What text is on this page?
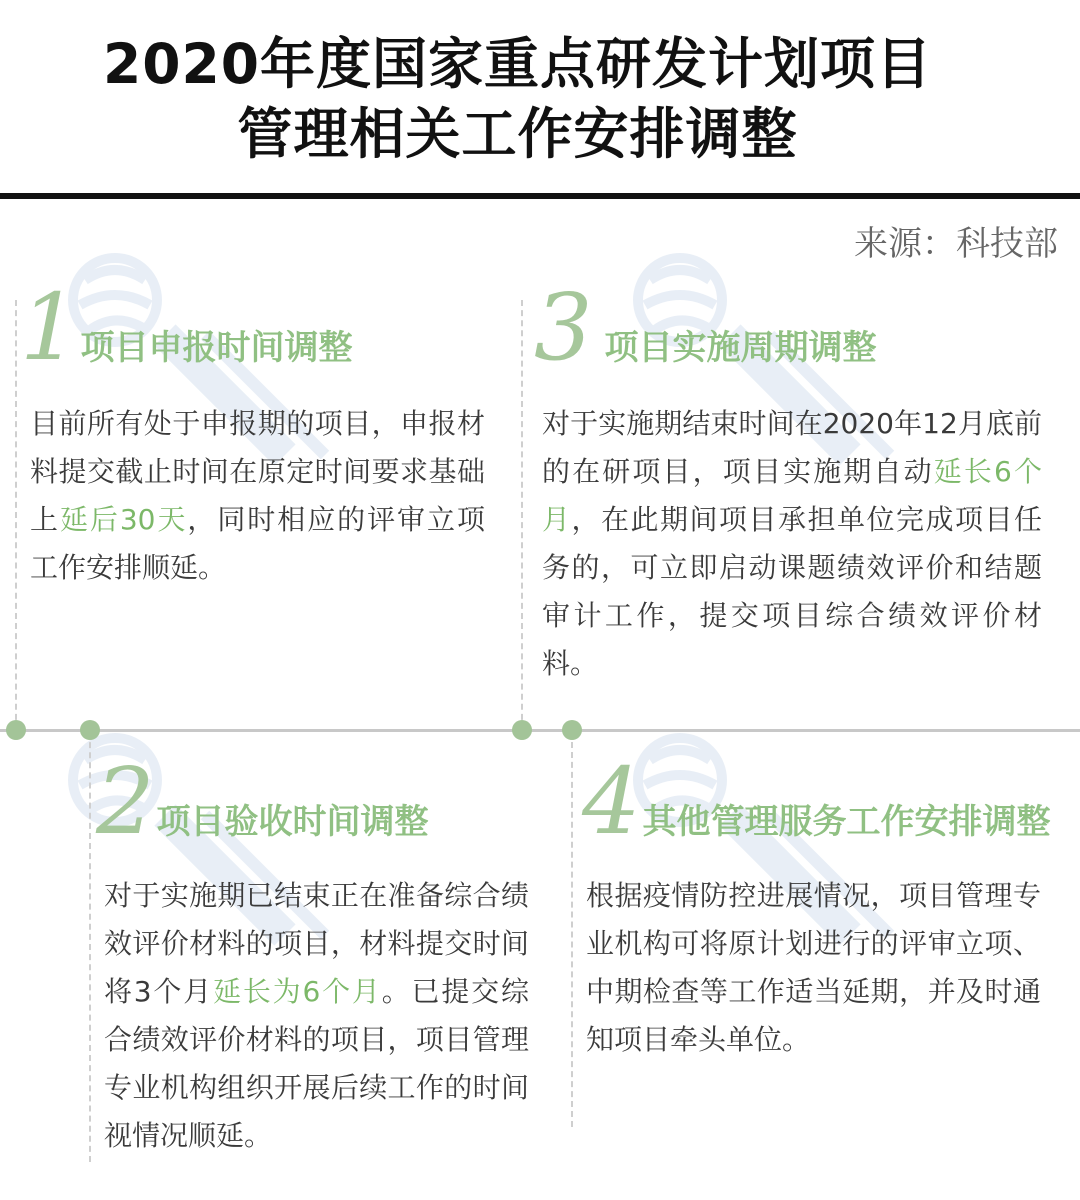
2020年度国家重点研发计划项目
管理相关工作安排调整
来源：科技部
1项目申报时间调整
目前所有处于申报期的项目，申报材料提交截止时间在原定时间要求基础上延后30天，同时相应的评审立项工作安排顺延。
3 项目实施周期调整
对于实施期结束时间在2020年12月底前的在研项目，项目实施期自动延长6个月，在此期间项目承担单位完成项目任务的，可立即启动课题绩效评价和结题审计工作，提交项目综合绩效评价材料。
2项目验收时间调整
对于实施期已结束正在准备综合绩效评价材料的项目，材料提交时间将3个月延长为6个月。已提交综合绩效评价材料的项目，项目管理专业机构组织开展后续工作的时间视情况顺延。
4其他管理服务工作安排调整
根据疫情防控进展情况，项目管理专业机构可将原计划进行的评审立项、中期检查等工作适当延期，并及时通知项目牵头单位。
